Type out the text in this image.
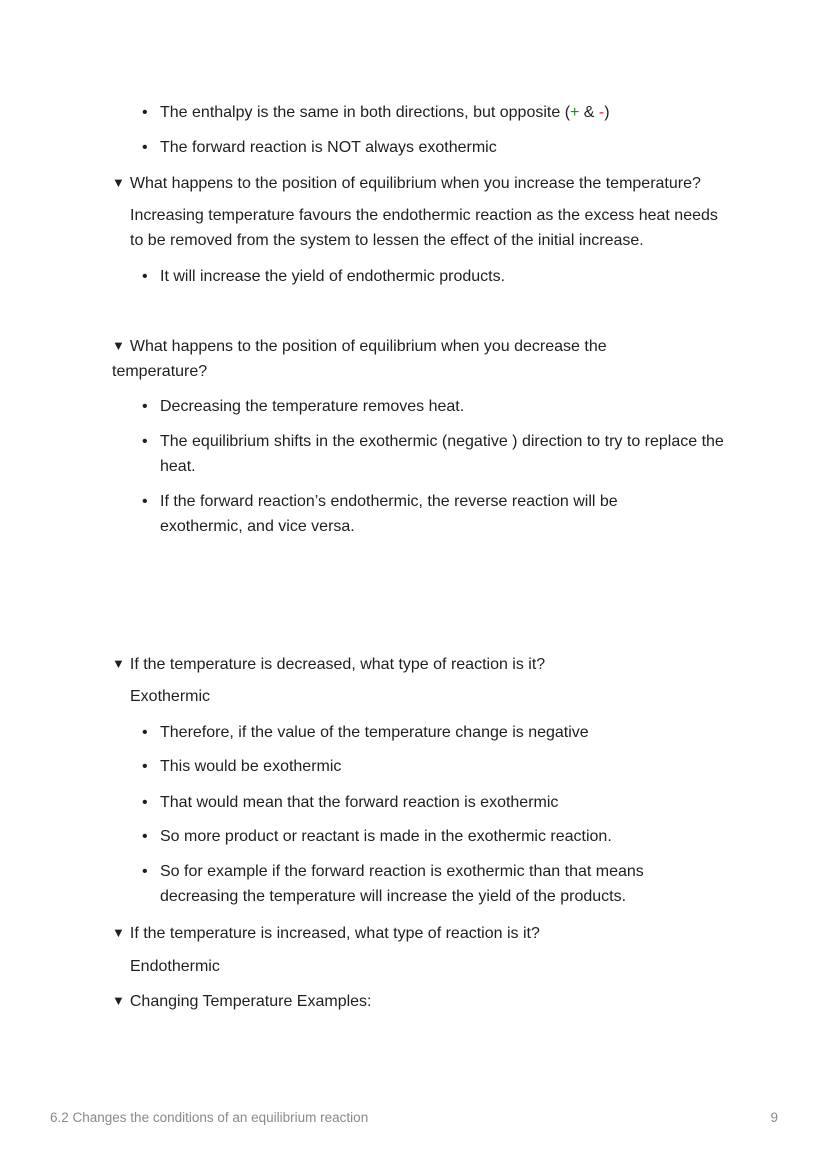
• The enthalpy is the same in both directions, but opposite (+ & -)
• The forward reaction is NOT always exothermic
▼ What happens to the position of equilibrium when you increase the temperature?
Increasing temperature favours the endothermic reaction as the excess heat needs to be removed from the system to lessen the effect of the initial increase.
• It will increase the yield of endothermic products.
▼ What happens to the position of equilibrium when you decrease the temperature?
• Decreasing the temperature removes heat.
• The equilibrium shifts in the exothermic (negative ) direction to try to replace the heat.
• If the forward reaction’s endothermic, the reverse reaction will be exothermic, and vice versa.
▼ If the temperature is decreased, what type of reaction is it?
Exothermic
• Therefore, if the value of the temperature change is negative
• This would be exothermic
• That would mean that the forward reaction is exothermic
• So more product or reactant is made in the exothermic reaction.
• So for example if the forward reaction is exothermic than that means decreasing the temperature will increase the yield of the products.
▼ If the temperature is increased, what type of reaction is it?
Endothermic
▼ Changing Temperature Examples:
6.2 Changes the conditions of an equilibrium reaction	9
